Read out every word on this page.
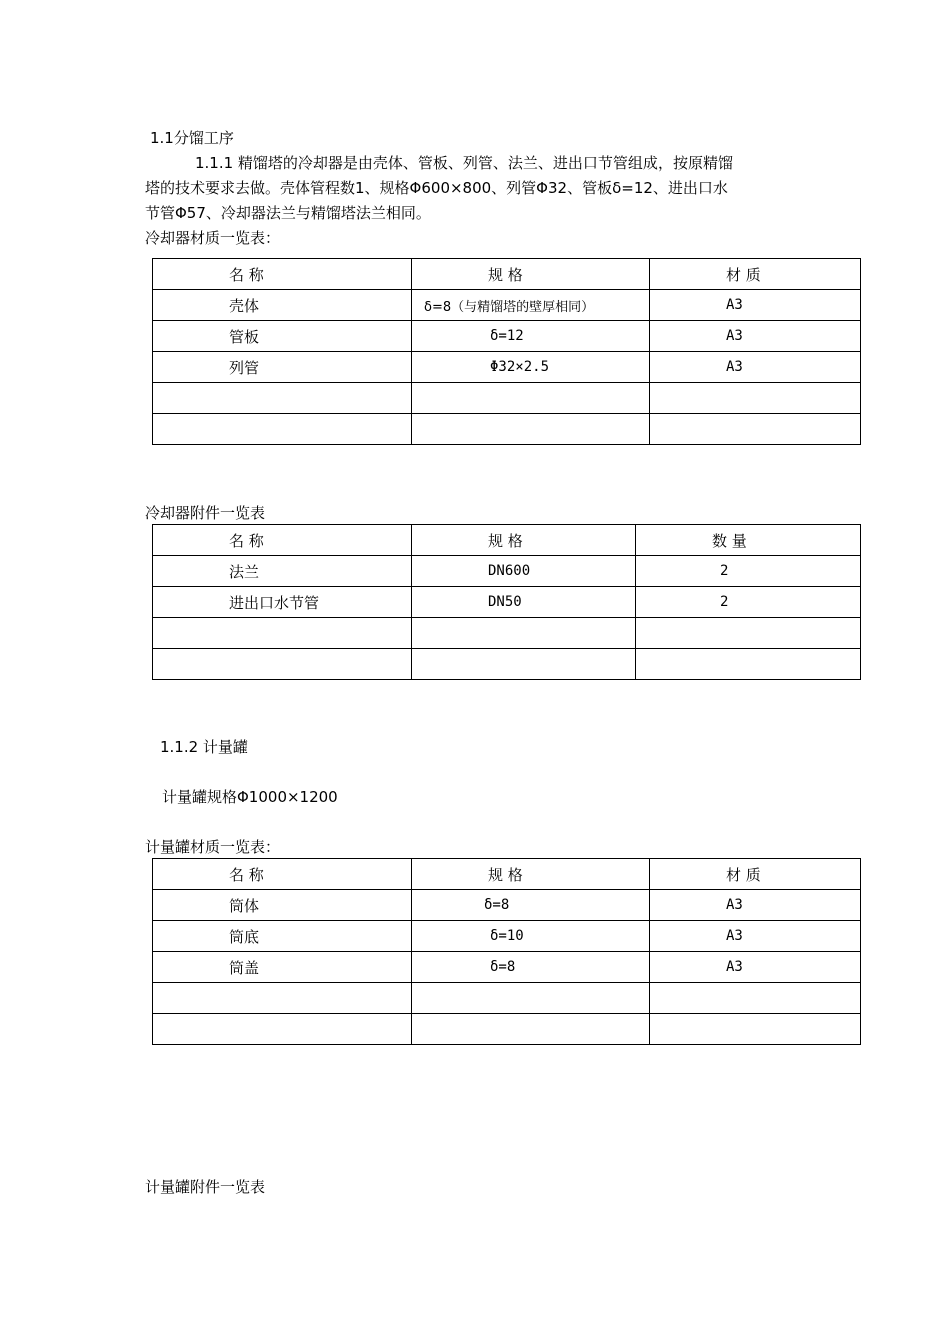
1.1分馏工序
1.1.1 精馏塔的冷却器是由壳体、管板、列管、法兰、进出口节管组成，按原精馏
塔的技术要求去做。壳体管程数1、规格Φ600×800、列管Φ32、管板δ=12、进出口水
节管Φ57、冷却器法兰与精馏塔法兰相同。
冷却器材质一览表：
名 称	规 格	材 质
壳体	δ=8（与精馏塔的壁厚相同）	A3
管板	δ=12	A3
列管	Φ32×2.5	A3

冷却器附件一览表
名 称	规 格	数 量
法兰	DN600	2
进出口水节管	DN50	2

1.1.2 计量罐
计量罐规格Φ1000×1200
计量罐材质一览表：
名 称	规 格	材 质
筒体	δ=8	A3
筒底	δ=10	A3
筒盖	δ=8	A3

计量罐附件一览表
